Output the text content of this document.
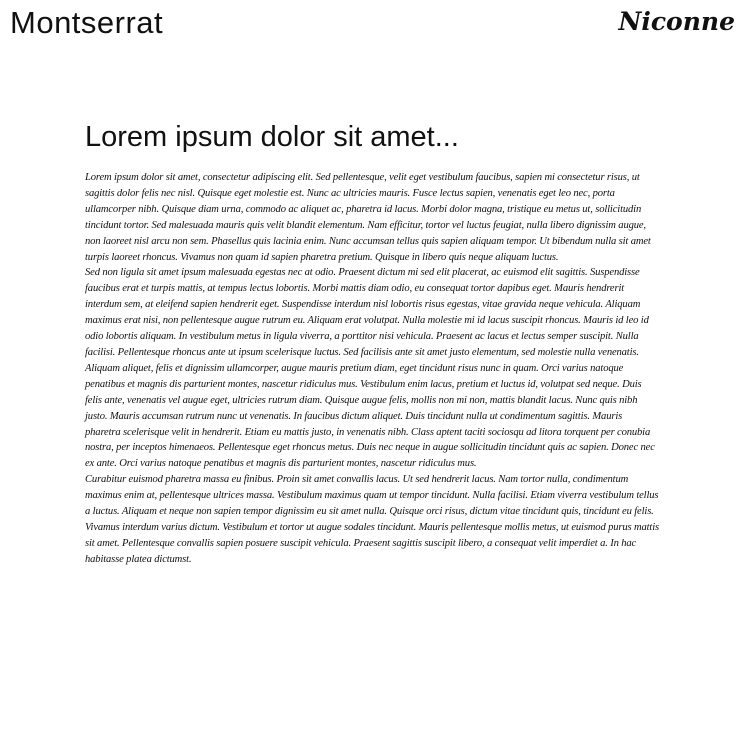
Montserrat	Niconne
Lorem ipsum dolor sit amet...

Lorem ipsum dolor sit amet, consectetur adipiscing elit. Sed pellentesque, velit eget vestibulum faucibus, sapien mi consectetur risus, ut sagittis dolor felis nec nisl. Quisque eget molestie est. Nunc ac ultricies mauris. Fusce lectus sapien, venenatis eget leo nec, porta ullamcorper nibh. Quisque diam urna, commodo ac aliquet ac, pharetra id lacus. Morbi dolor magna, tristique eu metus ut, sollicitudin tincidunt tortor. Sed malesuada mauris quis velit blandit elementum. Nam efficitur, tortor vel luctus feugiat, nulla libero dignissim augue, non laoreet nisl arcu non sem. Phasellus quis lacinia enim. Nunc accumsan tellus quis sapien aliquam tempor. Ut bibendum nulla sit amet turpis laoreet rhoncus. Vivamus non quam id sapien pharetra pretium. Quisque in libero quis neque aliquam luctus.

Sed non ligula sit amet ipsum malesuada egestas nec at odio. Praesent dictum mi sed elit placerat, ac euismod elit sagittis. Suspendisse faucibus erat et turpis mattis, at tempus lectus lobortis. Morbi mattis diam odio, eu consequat tortor dapibus eget. Mauris hendrerit interdum sem, at eleifend sapien hendrerit eget. Suspendisse interdum nisl lobortis risus egestas, vitae gravida neque vehicula. Aliquam maximus erat nisi, non pellentesque augue rutrum eu. Aliquam erat volutpat. Nulla molestie mi id lacus suscipit rhoncus. Mauris id leo id odio lobortis aliquam. In vestibulum metus in ligula viverra, a porttitor nisi vehicula. Praesent ac lacus et lectus semper suscipit. Nulla facilisi. Pellentesque rhoncus ante ut ipsum scelerisque luctus. Sed facilisis ante sit amet justo elementum, sed molestie nulla venenatis.

Aliquam aliquet, felis et dignissim ullamcorper, augue mauris pretium diam, eget tincidunt risus nunc in quam. Orci varius natoque penatibus et magnis dis parturient montes, nascetur ridiculus mus. Vestibulum enim lacus, pretium et luctus id, volutpat sed neque. Duis felis ante, venenatis vel augue eget, ultricies rutrum diam. Quisque augue felis, mollis non mi non, mattis blandit lacus. Nunc quis nibh justo. Mauris accumsan rutrum nunc ut venenatis. In faucibus dictum aliquet. Duis tincidunt nulla ut condimentum sagittis. Mauris pharetra scelerisque velit in hendrerit. Etiam eu mattis justo, in venenatis nibh. Class aptent taciti sociosqu ad litora torquent per conubia nostra, per inceptos himenaeos. Pellentesque eget rhoncus metus. Duis nec neque in augue sollicitudin tincidunt quis ac sapien. Donec nec ex ante. Orci varius natoque penatibus et magnis dis parturient montes, nascetur ridiculus mus.

Curabitur euismod pharetra massa eu finibus. Proin sit amet convallis lacus. Ut sed hendrerit lacus. Nam tortor nulla, condimentum maximus enim at, pellentesque ultrices massa. Vestibulum maximus quam ut tempor tincidunt. Nulla facilisi. Etiam viverra vestibulum tellus a luctus. Aliquam et neque non sapien tempor dignissim eu sit amet nulla. Quisque orci risus, dictum vitae tincidunt quis, tincidunt eu felis. Vivamus interdum varius dictum. Vestibulum et tortor ut augue sodales tincidunt. Mauris pellentesque mollis metus, ut euismod purus mattis sit amet. Pellentesque convallis sapien posuere suscipit vehicula. Praesent sagittis suscipit libero, a consequat velit imperdiet a. In hac habitasse platea dictumst.
